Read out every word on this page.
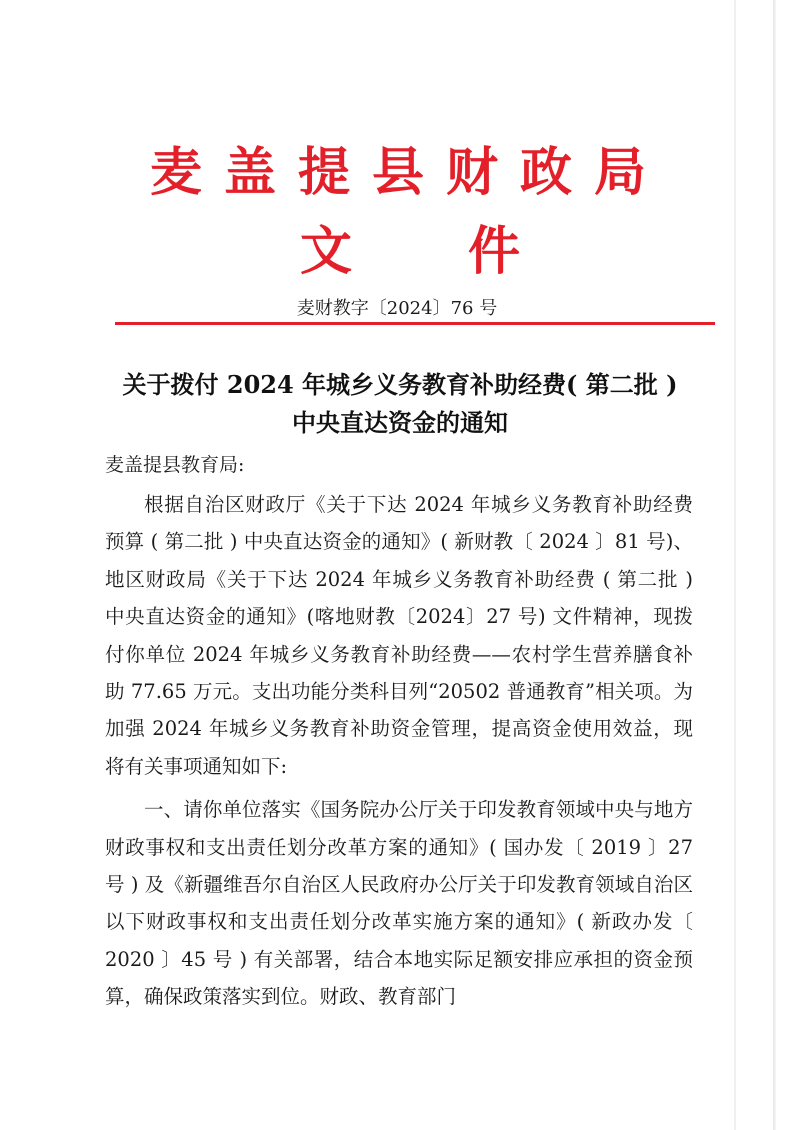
麦盖提县财政局
文 件
麦财教字〔2024〕76 号
关于拨付 2024 年城乡义务教育补助经费( 第二批 )
中央直达资金的通知
麦盖提县教育局:

根据自治区财政厅《关于下达 2024 年城乡义务教育补助经费预算 ( 第二批 ) 中央直达资金的通知》( 新财教〔 2024 〕81 号)、地区财政局《关于下达 2024 年城乡义务教育补助经费 ( 第二批 ) 中央直达资金的通知》(喀地财教〔2024〕27 号) 文件精神，现拨付你单位 2024 年城乡义务教育补助经费——农村学生营养膳食补助 77.65 万元。支出功能分类科目列“20502 普通教育”相关项。为加强 2024 年城乡义务教育补助资金管理，提高资金使用效益，现将有关事项通知如下:

一、请你单位落实《国务院办公厅关于印发教育领域中央与地方财政事权和支出责任划分改革方案的通知》( 国办发〔 2019 〕27 号 ) 及《新疆维吾尔自治区人民政府办公厅关于印发教育领域自治区以下财政事权和支出责任划分改革实施方案的通知》( 新政办发〔 2020 〕45 号 ) 有关部署，结合本地实际足额安排应承担的资金预算，确保政策落实到位。财政、教育部门
